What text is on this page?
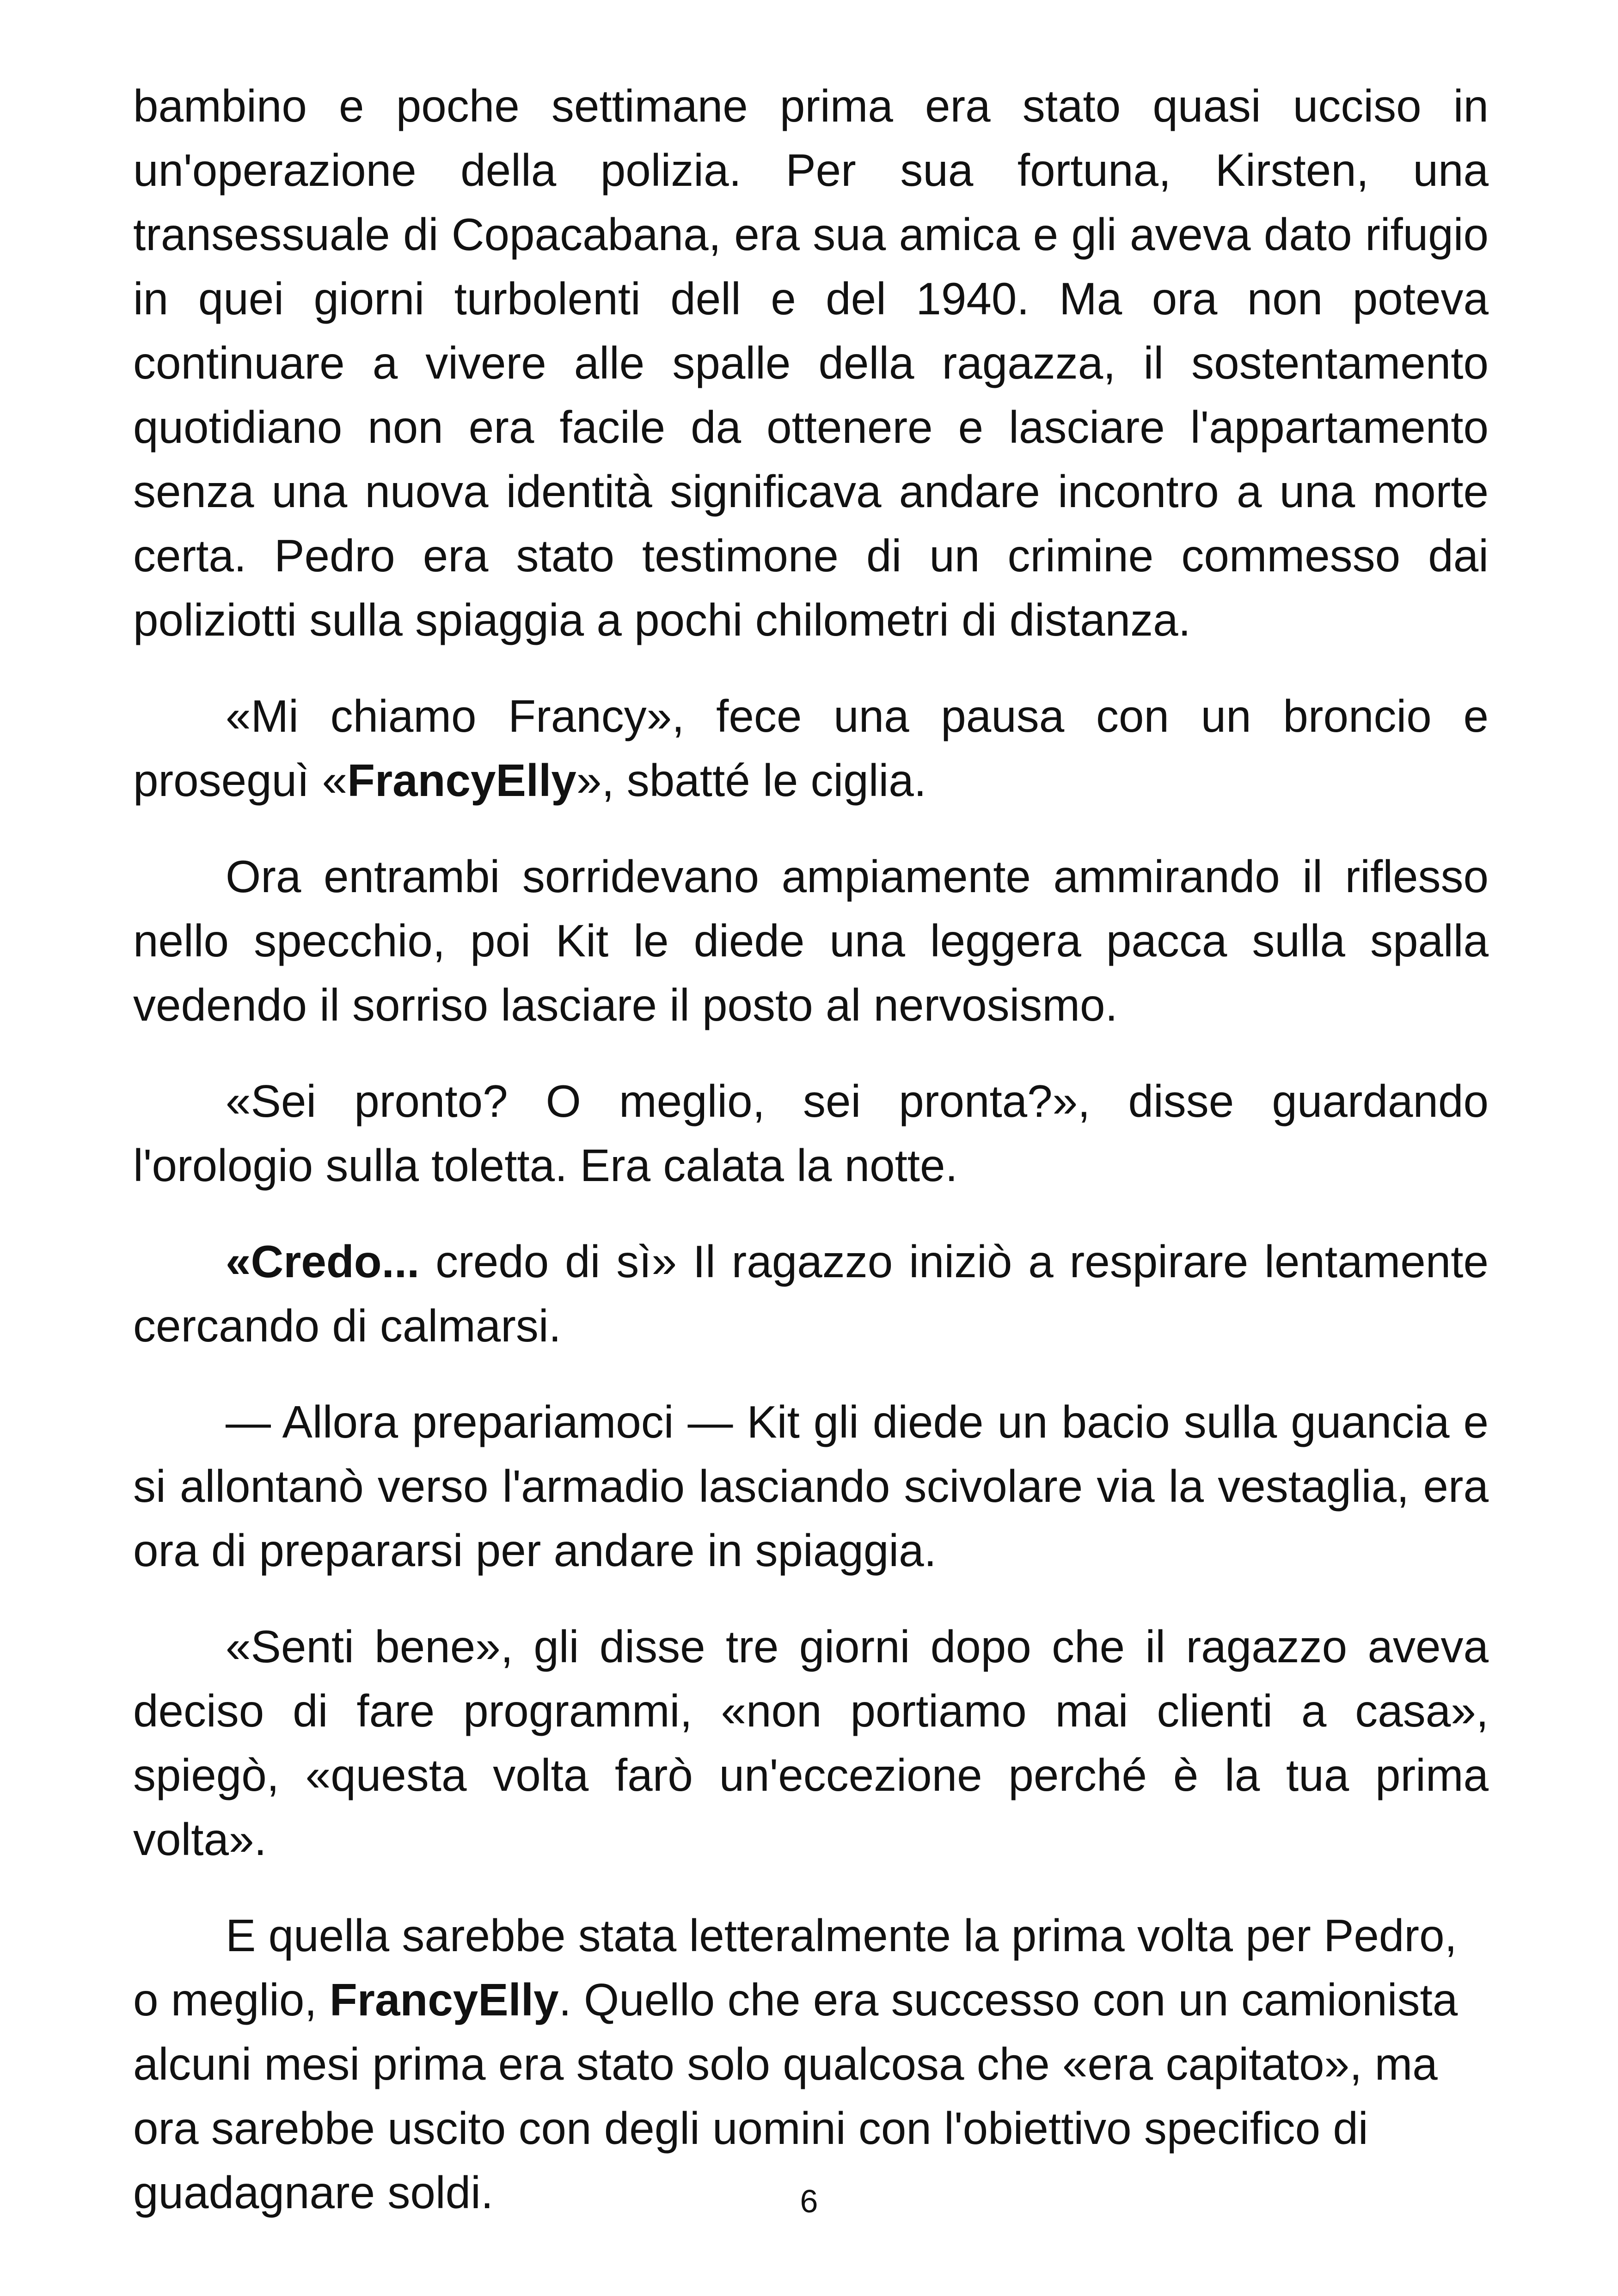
bambino e poche settimane prima era stato quasi ucciso in un'operazione della polizia. Per sua fortuna, Kirsten, una transessuale di Copacabana, era sua amica e gli aveva dato rifugio in quei giorni turbolenti dell e del 1940. Ma ora non poteva continuare a vivere alle spalle della ragazza, il sostentamento quotidiano non era facile da ottenere e lasciare l'appartamento senza una nuova identità significava andare incontro a una morte certa. Pedro era stato testimone di un crimine commesso dai poliziotti sulla spiaggia a pochi chilometri di distanza.

«Mi chiamo Francy», fece una pausa con un broncio e proseguì «FrancyElly», sbatté le ciglia.

Ora entrambi sorridevano ampiamente ammirando il riflesso nello specchio, poi Kit le diede una leggera pacca sulla spalla vedendo il sorriso lasciare il posto al nervosismo.

«Sei pronto? O meglio, sei pronta?», disse guardando l'orologio sulla toletta. Era calata la notte.

«Credo... credo di sì» Il ragazzo iniziò a respirare lentamente cercando di calmarsi.

— Allora prepariamoci — Kit gli diede un bacio sulla guancia e si allontanò verso l'armadio lasciando scivolare via la vestaglia, era ora di prepararsi per andare in spiaggia.

«Senti bene», gli disse tre giorni dopo che il ragazzo aveva deciso di fare programmi, «non portiamo mai clienti a casa», spiegò, «questa volta farò un'eccezione perché è la tua prima volta».

E quella sarebbe stata letteralmente la prima volta per Pedro, o meglio, FrancyElly. Quello che era successo con un camionista alcuni mesi prima era stato solo qualcosa che «era capitato», ma ora sarebbe uscito con degli uomini con l'obiettivo specifico di guadagnare soldi.	6
